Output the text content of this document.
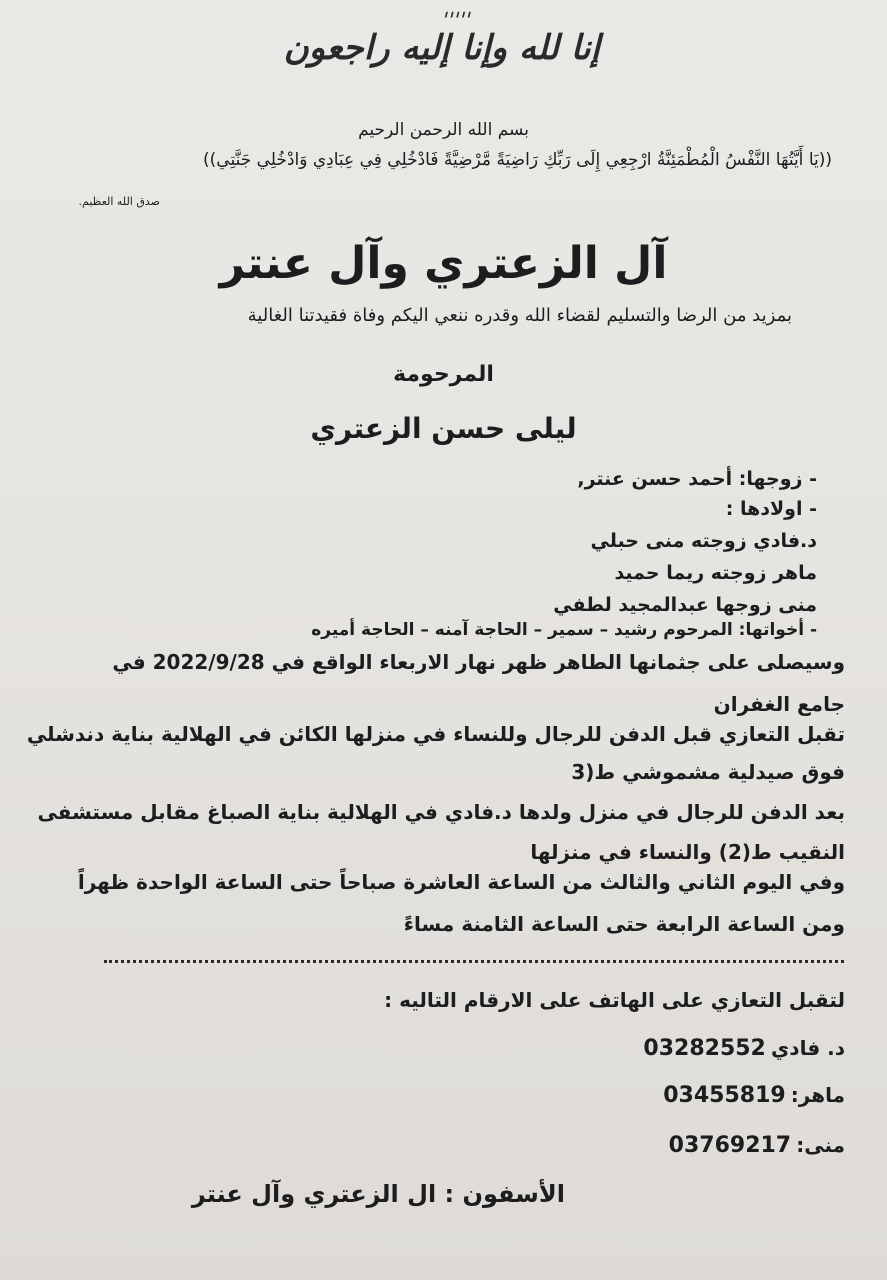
ٰ ٰ ٰ ٰ ٰ
إنا لله وإنا إليه راجعون
بسم الله الرحمن الرحيم
((يَا أَيَّتُهَا النَّفْسُ الْمُطْمَئِنَّةُ ارْجِعِي إِلَى رَبِّكِ رَاضِيَةً مَّرْضِيَّةً فَادْخُلِي فِي عِبَادِي وَادْخُلِي جَنَّتِي))
صدق الله العظيم.
آل الزعتري وآل عنتر
بمزيد من الرضا والتسليم لقضاء الله وقدره ننعي اليكم وفاة فقيدتنا الغالية
المرحومة
ليلى حسن الزعتري
- زوجها: أحمد حسن عنتر,
- اولادها :
د.فادي زوجته منى حبلي
ماهر زوجته ريما حميد
منى زوجها عبدالمجيد لطفي
- أخواتها: المرحوم رشيد – سمير – الحاجة آمنه – الحاجة أميره
وسيصلى على جثمانها الطاهر ظهر نهار الاربعاء الواقع في 2022/9/28 في
جامع الغفران
تقبل التعازي قبل الدفن للرجال وللنساء في منزلها الكائن في الهلالية بناية دندشلي
فوق صيدلية مشموشي ط(3
بعد الدفن للرجال في منزل ولدها د.فادي في الهلالية بناية الصباغ مقابل مستشفى
النقيب ط(2) والنساء في منزلها
وفي اليوم الثاني والثالث من الساعة العاشرة صباحاً حتى الساعة الواحدة ظهراً
ومن الساعة الرابعة حتى الساعة الثامنة مساءً
لتقبل التعازي على الهاتف على الارقام التاليه :
د. فادي 03282552
ماهر: 03455819
منى: 03769217
الأسفون : ال الزعتري وآل عنتر
